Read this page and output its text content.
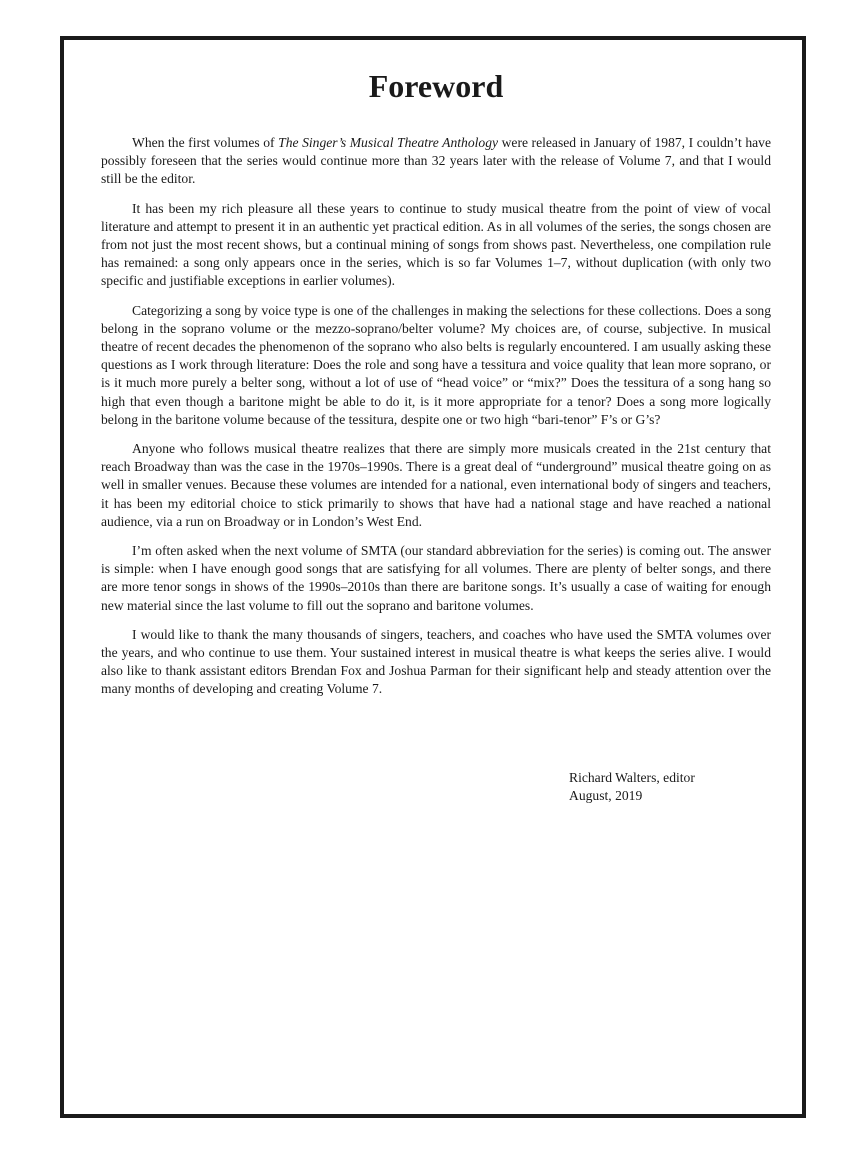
Foreword

When the first volumes of The Singer’s Musical Theatre Anthology were released in January of 1987, I couldn’t have possibly foreseen that the series would continue more than 32 years later with the release of Volume 7, and that I would still be the editor.

It has been my rich pleasure all these years to continue to study musical theatre from the point of view of vocal literature and attempt to present it in an authentic yet practical edition. As in all volumes of the series, the songs chosen are from not just the most recent shows, but a continual mining of songs from shows past. Nevertheless, one compilation rule has remained: a song only appears once in the series, which is so far Volumes 1–7, without duplication (with only two specific and justifiable exceptions in earlier volumes).

Categorizing a song by voice type is one of the challenges in making the selections for these collections. Does a song belong in the soprano volume or the mezzo-soprano/belter volume? My choices are, of course, subjective. In musical theatre of recent decades the phenomenon of the soprano who also belts is regularly encountered. I am usually asking these questions as I work through literature: Does the role and song have a tessitura and voice quality that lean more soprano, or is it much more purely a belter song, without a lot of use of “head voice” or “mix?” Does the tessitura of a song hang so high that even though a baritone might be able to do it, is it more appropriate for a tenor? Does a song more logically belong in the baritone volume because of the tessitura, despite one or two high “bari-tenor” F’s or G’s?

Anyone who follows musical theatre realizes that there are simply more musicals created in the 21st century that reach Broadway than was the case in the 1970s–1990s. There is a great deal of “underground” musical theatre going on as well in smaller venues. Because these volumes are intended for a national, even international body of singers and teachers, it has been my editorial choice to stick primarily to shows that have had a national stage and have reached a national audience, via a run on Broadway or in London’s West End.

I’m often asked when the next volume of SMTA (our standard abbreviation for the series) is coming out. The answer is simple: when I have enough good songs that are satisfying for all volumes. There are plenty of belter songs, and there are more tenor songs in shows of the 1990s–2010s than there are baritone songs. It’s usually a case of waiting for enough new material since the last volume to fill out the soprano and baritone volumes.

I would like to thank the many thousands of singers, teachers, and coaches who have used the SMTA volumes over the years, and who continue to use them. Your sustained interest in musical theatre is what keeps the series alive. I would also like to thank assistant editors Brendan Fox and Joshua Parman for their significant help and steady attention over the many months of developing and creating Volume 7.

Richard Walters, editor
August, 2019
